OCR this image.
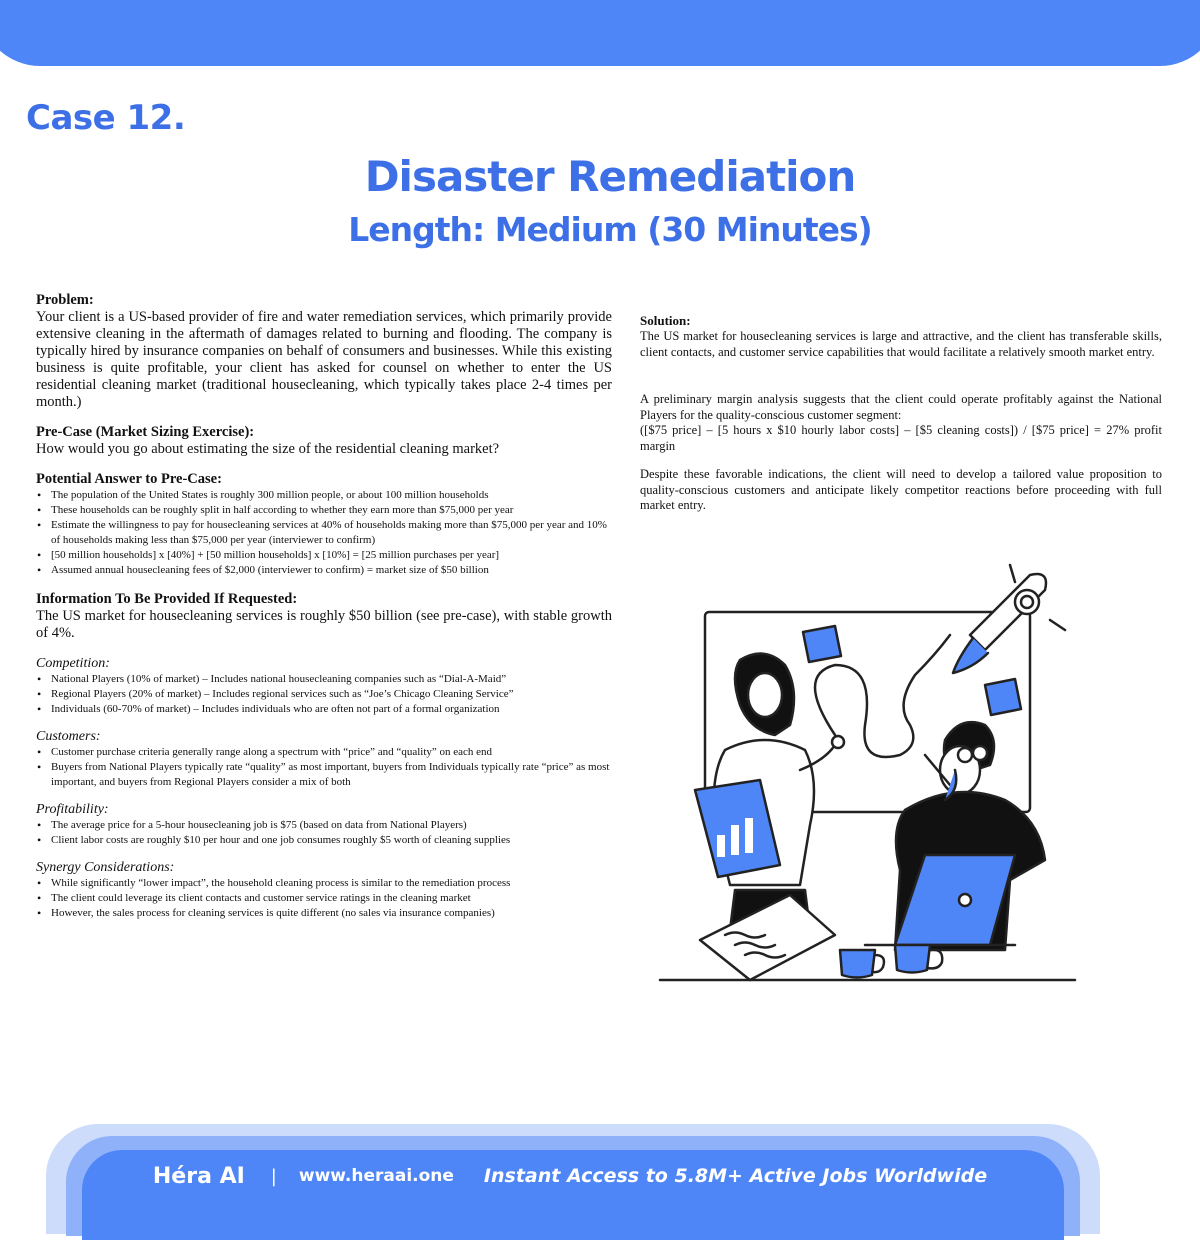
Case 12.
Disaster Remediation
Length: Medium (30 Minutes)

Problem:

Your client is a US-based provider of fire and water remediation services, which primarily provide extensive cleaning in the aftermath of damages related to burning and flooding. The company is typically hired by insurance companies on behalf of consumers and businesses. While this existing business is quite profitable, your client has asked for counsel on whether to enter the US residential cleaning market (traditional housecleaning, which typically takes place 2-4 times per month.)

Pre-Case (Market Sizing Exercise):

How would you go about estimating the size of the residential cleaning market?

Potential Answer to Pre-Case:

• The population of the United States is roughly 300 million people, or about 100 million households
• These households can be roughly split in half according to whether they earn more than $75,000 per year
• Estimate the willingness to pay for housecleaning services at 40% of households making more than $75,000 per year and 10% of households making less than $75,000 per year (interviewer to confirm)
• [50 million households] x [40%] + [50 million households] x [10%] = [25 million purchases per year]
• Assumed annual housecleaning fees of $2,000 (interviewer to confirm) = market size of $50 billion

Information To Be Provided If Requested:

The US market for housecleaning services is roughly $50 billion (see pre-case), with stable growth of 4%.

Competition:

• National Players (10% of market) – Includes national housecleaning companies such as “Dial-A-Maid”
• Regional Players (20% of market) – Includes regional services such as “Joe’s Chicago Cleaning Service”
• Individuals (60-70% of market) – Includes individuals who are often not part of a formal organization

Customers:

• Customer purchase criteria generally range along a spectrum with “price” and “quality” on each end
• Buyers from National Players typically rate “quality” as most important, buyers from Individuals typically rate “price” as most important, and buyers from Regional Players consider a mix of both

Profitability:

• The average price for a 5-hour housecleaning job is $75 (based on data from National Players)
• Client labor costs are roughly $10 per hour and one job consumes roughly $5 worth of cleaning supplies

Synergy Considerations:

• While significantly “lower impact”, the household cleaning process is similar to the remediation process
• The client could leverage its client contacts and customer service ratings in the cleaning market
• However, the sales process for cleaning services is quite different (no sales via insurance companies)

Solution:

The US market for housecleaning services is large and attractive, and the client has transferable skills, client contacts, and customer service capabilities that would facilitate a relatively smooth market entry.

A preliminary margin analysis suggests that the client could operate profitably against the National Players for the quality-conscious customer segment:

([$75 price] – [5 hours x $10 hourly labor costs] – [$5 cleaning costs]) / [$75 price] = 27% profit margin

Despite these favorable indications, the client will need to develop a tailored value proposition to quality-conscious customers and anticipate likely competitor reactions before proceeding with full market entry.

Héra AI | www.heraai.one Instant Access to 5.8M+ Active Jobs Worldwide
